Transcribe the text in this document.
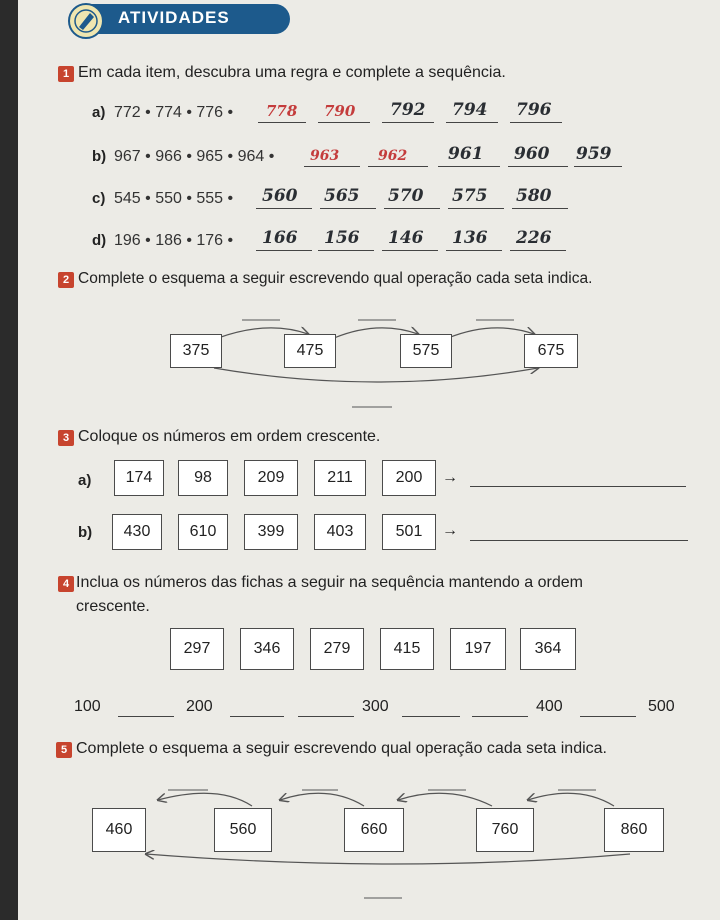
ATIVIDADES
1 Em cada item, descubra uma regra e complete a sequência.
a) 772 • 774 • 776 • 778 790 792 794 796
b) 967 • 966 • 965 • 964 •	963	962 961 960 959
c) 545 • 550 • 555 • 560 565 570 575 580
d) 196 • 186 • 176 • 166 156 146 136 226
2 Complete o esquema a seguir escrevendo qual operação cada seta indica.
375	475	575	675
3 Coloque os números em ordem crescente.
a)	174	98	209	211	200	→
b)	430	610	399	403	501	→
4 Inclua os números das fichas a seguir na sequência mantendo a ordem
crescente.
297	346	279	415	197	364
100	200	300	400	500
5 Complete o esquema a seguir escrevendo qual operação cada seta indica.
460	560	660	760	860
